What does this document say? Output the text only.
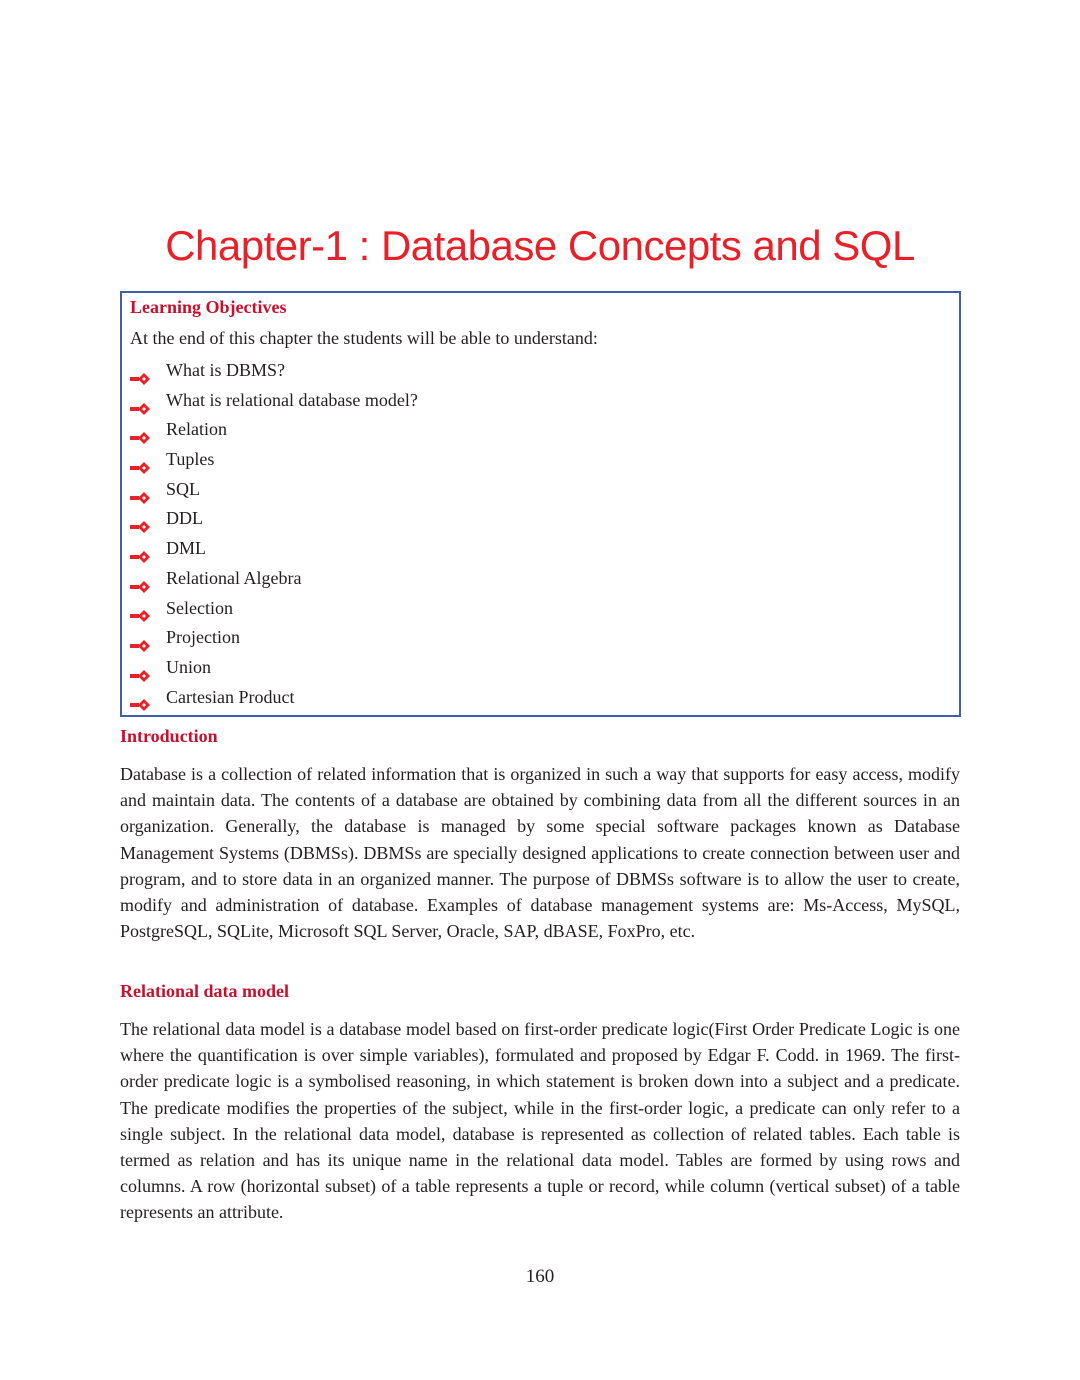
Chapter-1 : Database Concepts and SQL

Learning Objectives

At the end of this chapter the students will be able to understand:

What is DBMS?
What is relational database model?
Relation
Tuples
SQL
DDL
DML
Relational Algebra
Selection
Projection
Union
Cartesian Product

Introduction

Database is a collection of related information that is organized in such a way that supports for easy access, modify and maintain data. The contents of a database are obtained by combining data from all the different sources in an organization. Generally, the database is managed by some special software packages known as Database Management Systems (DBMSs). DBMSs are specially designed applications to create connection between user and program, and to store data in an organized manner. The purpose of DBMSs software is to allow the user to create, modify and administration of database. Examples of database management systems are: Ms-Access, MySQL, PostgreSQL, SQLite, Microsoft SQL Server, Oracle, SAP, dBASE, FoxPro, etc.

Relational data model

The relational data model is a database model based on first-order predicate logic(First Order Predicate Logic is one where the quantification is over simple variables), formulated and proposed by Edgar F. Codd. in 1969. The first-order predicate logic is a symbolised reasoning, in which statement is broken down into a subject and a predicate. The predicate modifies the properties of the subject, while in the first-order logic, a predicate can only refer to a single subject. In the relational data model, database is represented as collection of related tables. Each table is termed as relation and has its unique name in the relational data model. Tables are formed by using rows and columns. A row (horizontal subset) of a table represents a tuple or record, while column (vertical subset) of a table represents an attribute.

160
